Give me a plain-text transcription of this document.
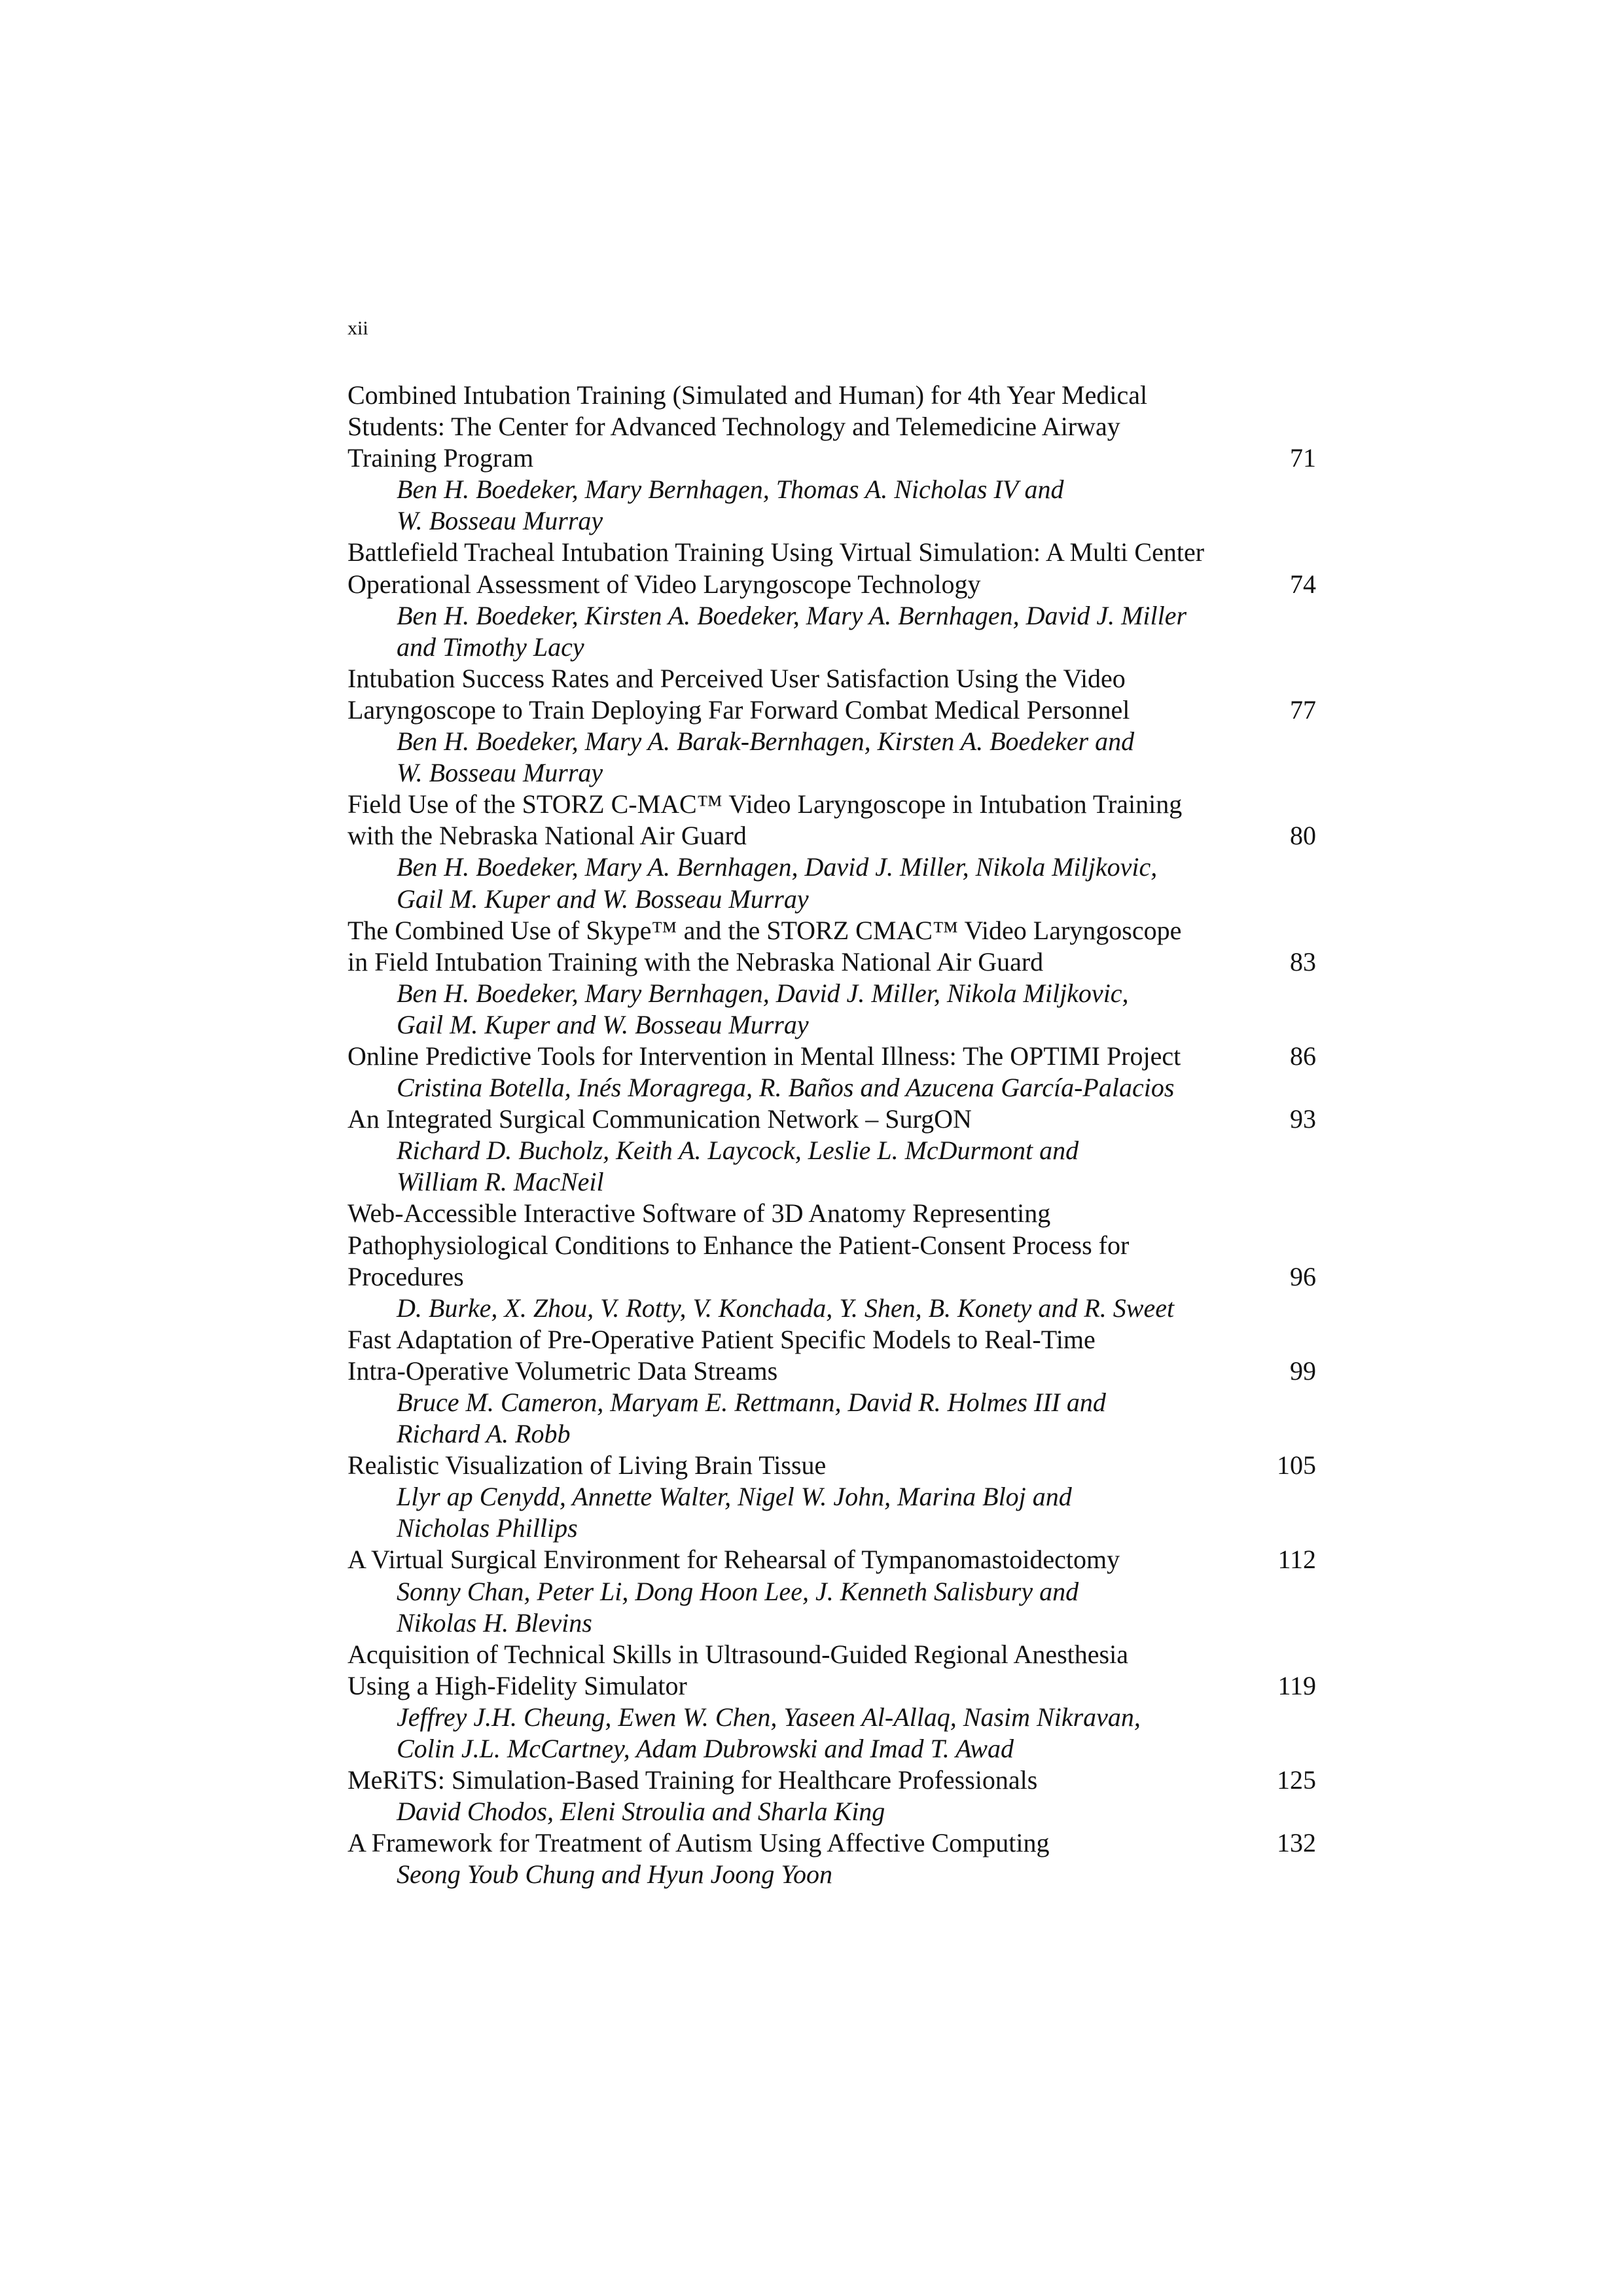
xii
Combined Intubation Training (Simulated and Human) for 4th Year Medical
Students: The Center for Advanced Technology and Telemedicine Airway
Training Program	71
Ben H. Boedeker, Mary Bernhagen, Thomas A. Nicholas IV and
W. Bosseau Murray
Battlefield Tracheal Intubation Training Using Virtual Simulation: A Multi Center
Operational Assessment of Video Laryngoscope Technology	74
Ben H. Boedeker, Kirsten A. Boedeker, Mary A. Bernhagen, David J. Miller
and Timothy Lacy
Intubation Success Rates and Perceived User Satisfaction Using the Video
Laryngoscope to Train Deploying Far Forward Combat Medical Personnel	77
Ben H. Boedeker, Mary A. Barak-Bernhagen, Kirsten A. Boedeker and
W. Bosseau Murray
Field Use of the STORZ C-MAC™ Video Laryngoscope in Intubation Training
with the Nebraska National Air Guard	80
Ben H. Boedeker, Mary A. Bernhagen, David J. Miller, Nikola Miljkovic,
Gail M. Kuper and W. Bosseau Murray
The Combined Use of Skype™ and the STORZ CMAC™ Video Laryngoscope
in Field Intubation Training with the Nebraska National Air Guard	83
Ben H. Boedeker, Mary Bernhagen, David J. Miller, Nikola Miljkovic,
Gail M. Kuper and W. Bosseau Murray
Online Predictive Tools for Intervention in Mental Illness: The OPTIMI Project	86
Cristina Botella, Inés Moragrega, R. Baños and Azucena García-Palacios
An Integrated Surgical Communication Network – SurgON	93
Richard D. Bucholz, Keith A. Laycock, Leslie L. McDurmont and
William R. MacNeil
Web-Accessible Interactive Software of 3D Anatomy Representing
Pathophysiological Conditions to Enhance the Patient-Consent Process for
Procedures	96
D. Burke, X. Zhou, V. Rotty, V. Konchada, Y. Shen, B. Konety and R. Sweet
Fast Adaptation of Pre-Operative Patient Specific Models to Real-Time
Intra-Operative Volumetric Data Streams	99
Bruce M. Cameron, Maryam E. Rettmann, David R. Holmes III and
Richard A. Robb
Realistic Visualization of Living Brain Tissue	105
Llyr ap Cenydd, Annette Walter, Nigel W. John, Marina Bloj and
Nicholas Phillips
A Virtual Surgical Environment for Rehearsal of Tympanomastoidectomy	112
Sonny Chan, Peter Li, Dong Hoon Lee, J. Kenneth Salisbury and
Nikolas H. Blevins
Acquisition of Technical Skills in Ultrasound-Guided Regional Anesthesia
Using a High-Fidelity Simulator	119
Jeffrey J.H. Cheung, Ewen W. Chen, Yaseen Al-Allaq, Nasim Nikravan,
Colin J.L. McCartney, Adam Dubrowski and Imad T. Awad
MeRiTS: Simulation-Based Training for Healthcare Professionals	125
David Chodos, Eleni Stroulia and Sharla King
A Framework for Treatment of Autism Using Affective Computing	132
Seong Youb Chung and Hyun Joong Yoon
